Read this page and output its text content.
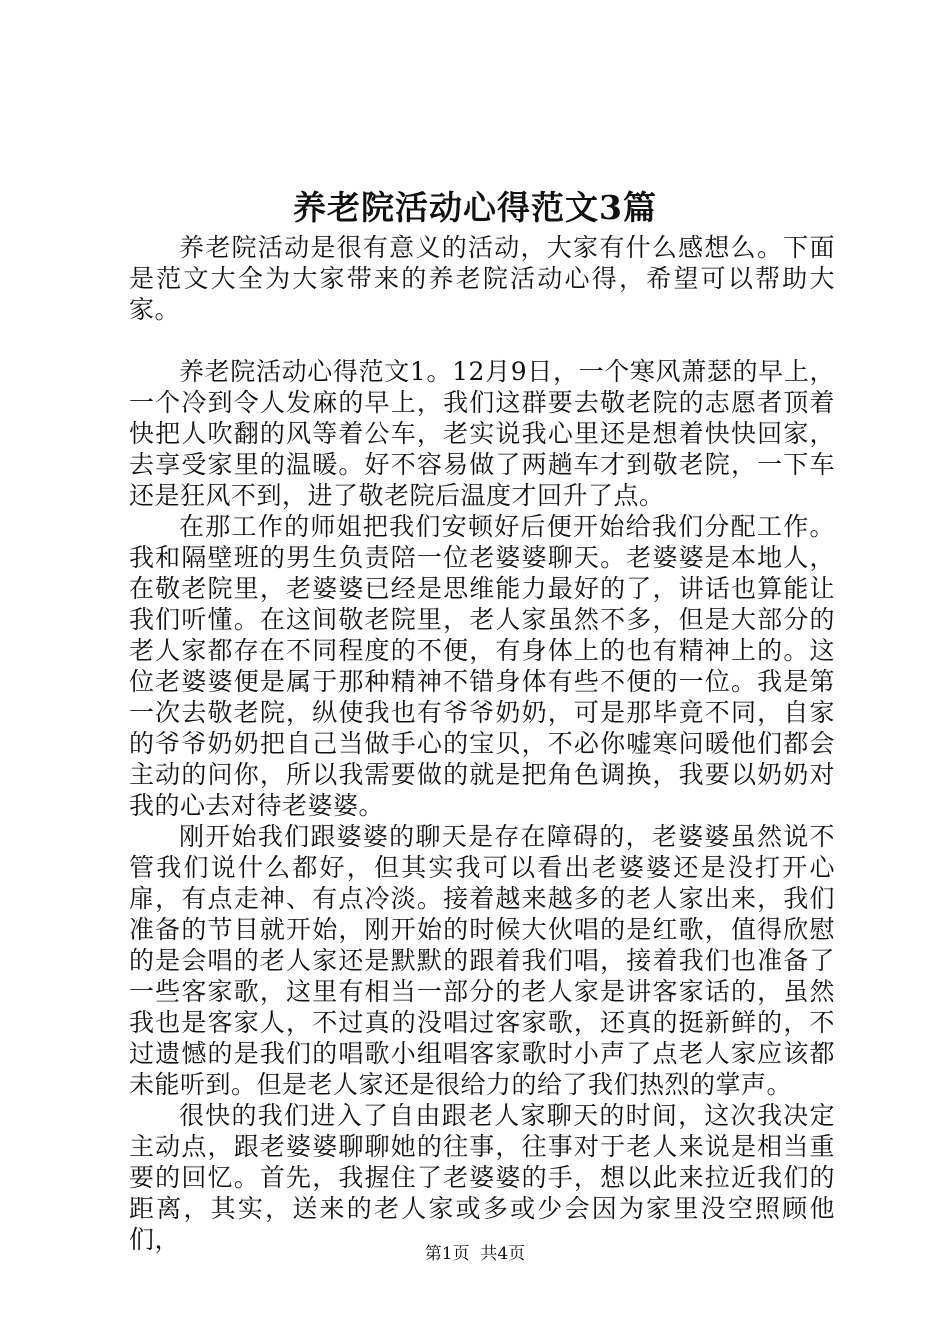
养老院活动心得范文3篇

养老院活动是很有意义的活动，大家有什么感想么。下面是范文大全为大家带来的养老院活动心得，希望可以帮助大家。

养老院活动心得范文1。12月9日，一个寒风萧瑟的早上，一个冷到令人发麻的早上，我们这群要去敬老院的志愿者顶着快把人吹翻的风等着公车，老实说我心里还是想着快快回家，去享受家里的温暖。好不容易做了两趟车才到敬老院，一下车还是狂风不到，进了敬老院后温度才回升了点。

在那工作的师姐把我们安顿好后便开始给我们分配工作。我和隔壁班的男生负责陪一位老婆婆聊天。老婆婆是本地人，在敬老院里，老婆婆已经是思维能力最好的了，讲话也算能让我们听懂。在这间敬老院里，老人家虽然不多，但是大部分的老人家都存在不同程度的不便，有身体上的也有精神上的。这位老婆婆便是属于那种精神不错身体有些不便的一位。我是第一次去敬老院，纵使我也有爷爷奶奶，可是那毕竟不同，自家的爷爷奶奶把自己当做手心的宝贝，不必你嘘寒问暖他们都会主动的问你，所以我需要做的就是把角色调换，我要以奶奶对我的心去对待老婆婆。

刚开始我们跟婆婆的聊天是存在障碍的，老婆婆虽然说不管我们说什么都好，但其实我可以看出老婆婆还是没打开心扉，有点走神、有点冷淡。接着越来越多的老人家出来，我们准备的节目就开始，刚开始的时候大伙唱的是红歌，值得欣慰的是会唱的老人家还是默默的跟着我们唱，接着我们也准备了一些客家歌，这里有相当一部分的老人家是讲客家话的，虽然我也是客家人，不过真的没唱过客家歌，还真的挺新鲜的，不过遗憾的是我们的唱歌小组唱客家歌时小声了点老人家应该都未能听到。但是老人家还是很给力的给了我们热烈的掌声。

很快的我们进入了自由跟老人家聊天的时间，这次我决定主动点，跟老婆婆聊聊她的往事，往事对于老人来说是相当重要的回忆。首先，我握住了老婆婆的手，想以此来拉近我们的距离，其实，送来的老人家或多或少会因为家里没空照顾他们，	第1页  共4页
